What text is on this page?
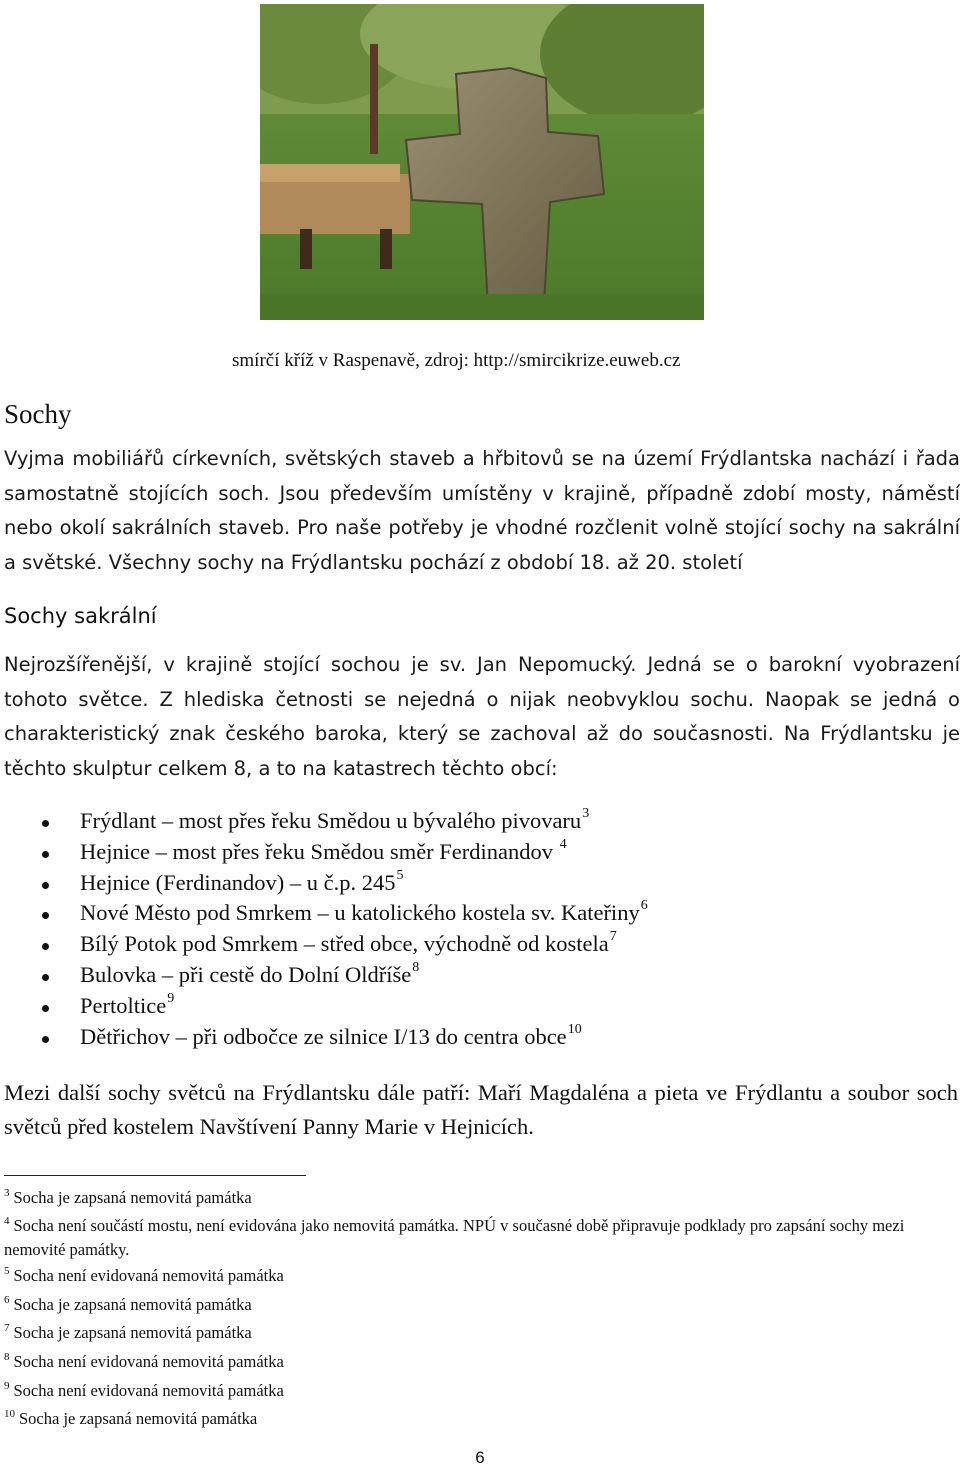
smírčí kříž v Raspenavě, zdroj: http://smircikrize.euweb.cz
Sochy

Vyjma mobiliářů církevních, světských staveb a hřbitovů se na území Frýdlantska nachází i řada samostatně stojících soch. Jsou především umístěny v krajině, případně zdobí mosty, náměstí nebo okolí sakrálních staveb. Pro naše potřeby je vhodné rozčlenit volně stojící sochy na sakrální a světské. Všechny sochy na Frýdlantsku pochází z období 18. až 20. století

Sochy sakrální

Nejrozšířenější, v krajině stojící sochou je sv. Jan Nepomucký. Jedná se o barokní vyobrazení tohoto světce. Z hlediska četnosti se nejedná o nijak neobvyklou sochu. Naopak se jedná o charakteristický znak českého baroka, který se zachoval až do současnosti. Na Frýdlantsku je těchto skulptur celkem 8, a to na katastrech těchto obcí:

Frýdlant – most přes řeku Smědou u bývalého pivovaru$^3$
Hejnice – most přes řeku Smědou směr Ferdinandov $^4$
Hejnice (Ferdinandov) – u č.p. $245^5$
Nové Město pod Smrkem – u katolického kostela sv. Kateřiny$^6$
Bílý Potok pod Smrkem – střed obce, východně od kostela$^7$
Bulovka – při cestě do Dolní Oldříše$^8$
Pertoltice$^9$
Dětřichov – při odbočce ze silnice I/13 do centra obce$^{10}$

Mezi další sochy světců na Frýdlantsku dále patří: Maří Magdaléna a pieta ve Frýdlantu a soubor soch světců před kostelem Navštívení Panny Marie v Hejnicích.

$^3$ Socha je zapsaná nemovitá památka
$^4$ Socha není součástí mostu, není evidována jako nemovitá památka. NPÚ v současné době připravuje podklady pro zapsání sochy mezi nemovité památky.
$^5$ Socha není evidovaná nemovitá památka
$^6$ Socha je zapsaná nemovitá památka
$^7$ Socha je zapsaná nemovitá památka
$^8$ Socha není evidovaná nemovitá památka
$^9$ Socha není evidovaná nemovitá památka
$^{10}$ Socha je zapsaná nemovitá památka
6
